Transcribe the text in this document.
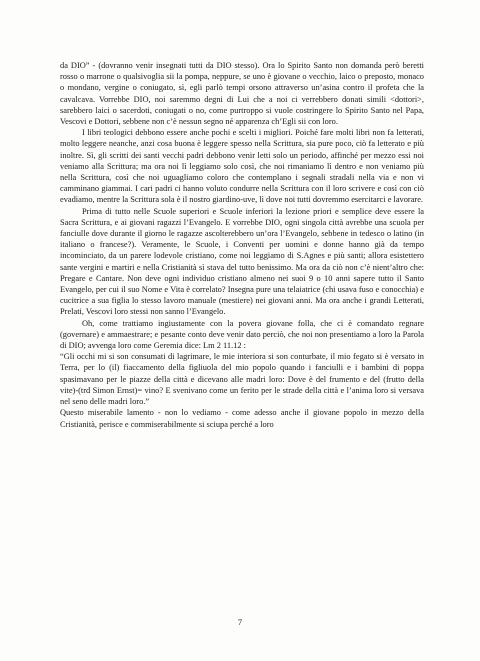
da DIO” - (dovranno venir insegnati tutti da DIO stesso). Ora lo Spirito Santo non domanda però beretti rosso o marrone o qualsivoglia sii la pompa, neppure, se uno è giovane o vecchio, laico o preposto, monaco o mondano, vergine o coniugato, sì, egli parlò tempi orsono attraverso un’asina contro il profeta che la cavalcava. Vorrebbe DIO, noi saremmo degni di Lui che a noi ci verrebbero donati simili <dottori>, sarebbero laici o sacerdoti, coniugati o no, come purtroppo si vuole costringere lo Spirito Santo nel Papa, Vescovi e Dottori, sebbene non c’è nessun segno né apparenza ch’Egli sii con loro.

I libri teologici debbono essere anche pochi e scelti i migliori. Poiché fare molti libri non fa letterati, molto leggere neanche, anzi cosa buona è leggere spesso nella Scrittura, sia pure poco, ciò fa letterato e più inoltre. Sì, gli scritti dei santi vecchi padri debbono venir letti solo un periodo, affinché per mezzo essi noi veniamo alla Scrittura; ma ora noi lì leggiamo solo così, che noi rimaniamo lì dentro e non veniamo più nella Scrittura, così che noi uguagliamo coloro che contemplano i segnali stradali nella via e non vi camminano giammai. I cari padri ci hanno voluto condurre nella Scrittura con il loro scrivere e così con ciò evadiamo, mentre la Scrittura sola è il nostro giardino-uve, lì dove noi tutti dovremmo esercitarci e lavorare.

Prima di tutto nelle Scuole superiori e Scuole inferiori la lezione priori e semplice deve essere la Sacra Scrittura, e ai giovani ragazzi l’Evangelo. E vorrebbe DIO, ogni singola città avrebbe una scuola per fanciulle dove durante il giorno le ragazze ascolterebbero un’ora l’Evangelo, sebbene in tedesco o latino (in italiano o francese?). Veramente, le Scuole, i Conventi per uomini e donne hanno già da tempo incominciato, da un parere lodevole cristiano, come noi leggiamo di S.Agnes e più santi; allora esistettero sante vergini e martiri e nella Cristianità sì stava del tutto benissimo. Ma ora da ciò non c’è nient’altro che: Pregare e Cantare. Non deve ogni individuo cristiano almeno nei suoi 9 o 10 anni sapere tutto il Santo Evangelo, per cui il suo Nome e Vita è correlato? Insegna pure una telaiatrice (chi usava fuso e conocchia) e cucitrice a sua figlia lo stesso lavoro manuale (mestiere) nei giovani anni. Ma ora anche i grandi Letterati, Prelati, Vescovi loro stessi non sanno l’Evangelo.

Oh, come trattiamo ingiustamente con la povera giovane folla, che ci è comandato regnare (governare) e ammaestrare; e pesante conto deve venir dato perciò, che noi non presentiamo a loro la Parola di DIO; avvenga loro come Geremia dice: Lm 2 11.12 :

“Gli occhi mi si son consumati di lagrimare, le mie interiora si son conturbate, il mio fegato si è versato in Terra, per lo (il) fiaccamento della figliuola del mio popolo quando i fanciulli e i bambini di poppa spasimavano per le piazze della città e dicevano alle madri loro: Dove è del frumento e del (frutto della vite)-(trd Simon Ernst)= vino? E svenivano come un ferito per le strade della città e l’anima loro si versava nel seno delle madri loro.”

Questo miserabile lamento - non lo vediamo - come adesso anche il giovane popolo in mezzo della Cristianità, perisce e commiserabilmente si sciupa perché a loro

7
